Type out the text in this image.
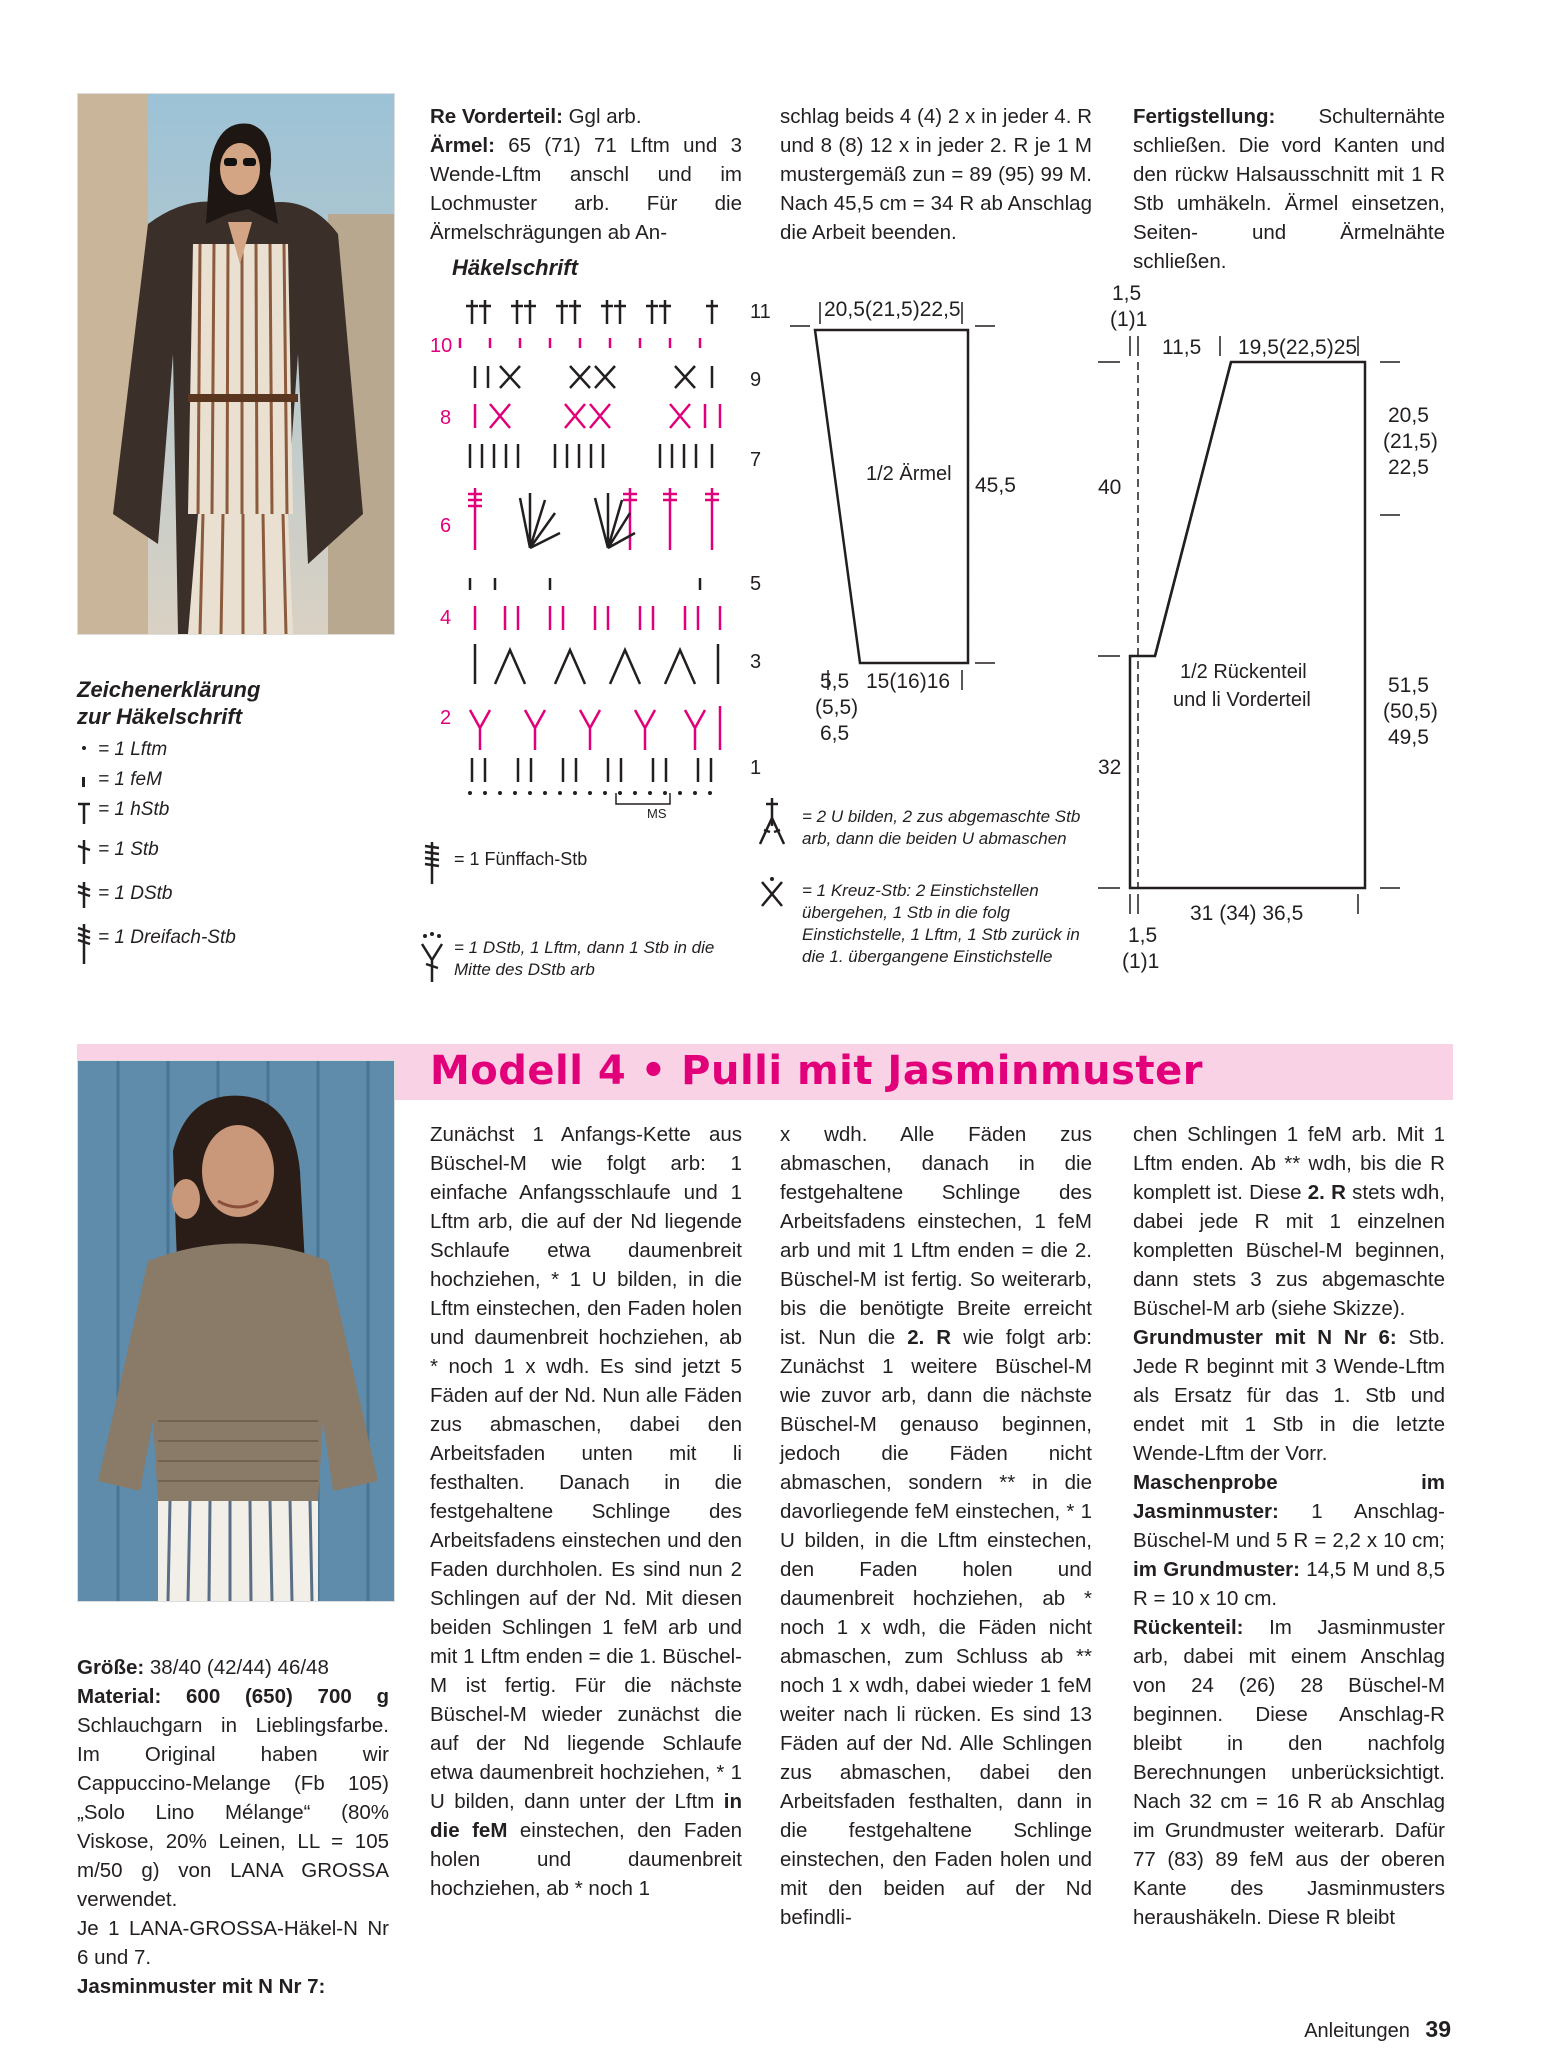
Zeichenerklärung
zur Häkelschrift
= 1 Lftm
= 1 feM
= 1 hStb
= 1 Stb
= 1 DStb
= 1 Dreifach-Stb

Re Vorderteil: Ggl arb.

Ärmel: 65 (71) 71 Lftm und 3 Wende-Lftm anschl und im Lochmuster arb. Für die Ärmelschrägungen ab An-

Häkelschrift
11
9
7
5
3
1
10
8
6
4
2
MS
= 1 Fünffach-Stb
= 1 DStb, 1 Lftm, dann 1 Stb in die Mitte des DStb arb
= 2 U bilden, 2 zus abgemaschte Stb arb, dann die beiden U abmaschen
= 1 Kreuz-Stb: 2 Einstichstellen übergehen, 1 Stb in die folg Einstichstelle, 1 Lftm, 1 Stb zurück in die 1. übergangene Einstichstelle

schlag beids 4 (4) 2 x in jeder 4. R und 8 (8) 12 x in jeder 2. R je 1 M mustergemäß zun = 89 (95) 99 M. Nach 45,5 cm = 34 R ab Anschlag die Arbeit beenden.

Fertigstellung: Schulternähte schließen. Die vord Kanten und den rückw Halsausschnitt mit 1 R Stb umhäkeln. Ärmel einsetzen, Seiten- und Ärmelnähte schließen.

20,5(21,5)22,5
1/2 Ärmel 45,5
15(16)16
5,5
(5,5)
6,5
1,5
(1)1
11,5 19,5(22,5)25
20,5
(21,5)
22,5
40
1/2 Rückenteil
und li Vorderteil
51,5
(50,5)
49,5
32
31 (34) 36,5
1,5
(1)1
Modell 4 • Pulli mit Jasminmuster

Größe: 38/40 (42/44) 46/48

Material: 600 (650) 700 g Schlauchgarn in Lieblingsfarbe. Im Original haben wir Cappuccino-Melange (Fb 105) „Solo Lino Mélange“ (80% Viskose, 20% Leinen, LL = 105 m/50 g) von LANA GROSSA verwendet.

Je 1 LANA-GROSSA-Häkel-N Nr 6 und 7.

Jasminmuster mit N Nr 7:

Zunächst 1 Anfangs-Kette aus Büschel-M wie folgt arb: 1 einfache Anfangsschlaufe und 1 Lftm arb, die auf der Nd liegende Schlaufe etwa daumenbreit hochziehen, * 1 U bilden, in die Lftm einstechen, den Faden holen und daumenbreit hochziehen, ab * noch 1 x wdh. Es sind jetzt 5 Fäden auf der Nd. Nun alle Fäden zus abmaschen, dabei den Arbeitsfaden unten mit li festhalten. Danach in die festgehaltene Schlinge des Arbeitsfadens einstechen und den Faden durchholen. Es sind nun 2 Schlingen auf der Nd. Mit diesen beiden Schlingen 1 feM arb und mit 1 Lftm enden = die 1. Büschel-M ist fertig. Für die nächste Büschel-M wieder zunächst die auf der Nd liegende Schlaufe etwa daumenbreit hochziehen, * 1 U bilden, dann unter der Lftm in die feM einstechen, den Faden holen und daumenbreit hochziehen, ab * noch 1

x wdh. Alle Fäden zus abmaschen, danach in die festgehaltene Schlinge des Arbeitsfadens einstechen, 1 feM arb und mit 1 Lftm enden = die 2. Büschel-M ist fertig. So weiterarb, bis die benötigte Breite erreicht ist. Nun die 2. R wie folgt arb: Zunächst 1 weitere Büschel-M wie zuvor arb, dann die nächste Büschel-M genauso beginnen, jedoch die Fäden nicht abmaschen, sondern ** in die davorliegende feM einstechen, * 1 U bilden, in die Lftm einstechen, den Faden holen und daumenbreit hochziehen, ab * noch 1 x wdh, die Fäden nicht abmaschen, zum Schluss ab ** noch 1 x wdh, dabei wieder 1 feM weiter nach li rücken. Es sind 13 Fäden auf der Nd. Alle Schlingen zus abmaschen, dabei den Arbeitsfaden festhalten, dann in die festgehaltene Schlinge einstechen, den Faden holen und mit den beiden auf der Nd befindli-

chen Schlingen 1 feM arb. Mit 1 Lftm enden. Ab ** wdh, bis die R komplett ist. Diese 2. R stets wdh, dabei jede R mit 1 einzelnen kompletten Büschel-M beginnen, dann stets 3 zus abgemaschte Büschel-M arb (siehe Skizze).

Grundmuster mit N Nr 6: Stb. Jede R beginnt mit 3 Wende-Lftm als Ersatz für das 1. Stb und endet mit 1 Stb in die letzte Wende-Lftm der Vorr.

Maschenprobe im Jasminmuster: 1 Anschlag-Büschel-M und 5 R = 2,2 x 10 cm; im Grundmuster: 14,5 M und 8,5 R = 10 x 10 cm.

Rückenteil: Im Jasminmuster arb, dabei mit einem Anschlag von 24 (26) 28 Büschel-M beginnen. Diese Anschlag-R bleibt in den nachfolg Berechnungen unberücksichtigt. Nach 32 cm = 16 R ab Anschlag im Grundmuster weiterarb. Dafür 77 (83) 89 feM aus der oberen Kante des Jasminmusters heraushäkeln. Diese R bleibt

Anleitungen 39
